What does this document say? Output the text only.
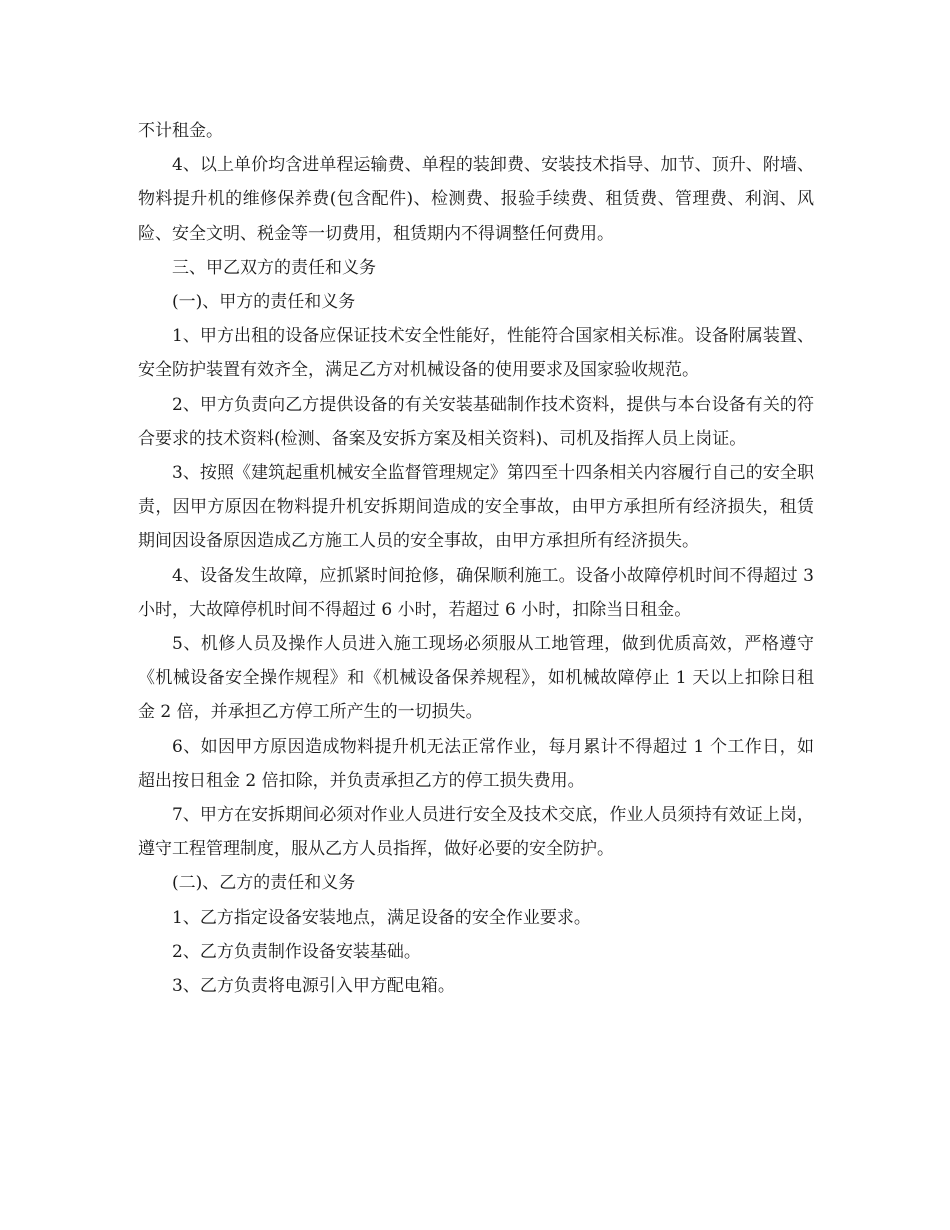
不计租金。

4、以上单价均含进单程运输费、单程的装卸费、安装技术指导、加节、顶升、附墙、物料提升机的维修保养费(包含配件)、检测费、报验手续费、租赁费、管理费、利润、风险、安全文明、税金等一切费用，租赁期内不得调整任何费用。

三、甲乙双方的责任和义务

(一)、甲方的责任和义务

1、甲方出租的设备应保证技术安全性能好，性能符合国家相关标准。设备附属装置、安全防护装置有效齐全，满足乙方对机械设备的使用要求及国家验收规范。

2、甲方负责向乙方提供设备的有关安装基础制作技术资料，提供与本台设备有关的符合要求的技术资料(检测、备案及安拆方案及相关资料)、司机及指挥人员上岗证。

3、按照《建筑起重机械安全监督管理规定》第四至十四条相关内容履行自己的安全职责，因甲方原因在物料提升机安拆期间造成的安全事故，由甲方承担所有经济损失，租赁期间因设备原因造成乙方施工人员的安全事故，由甲方承担所有经济损失。

4、设备发生故障，应抓紧时间抢修，确保顺利施工。设备小故障停机时间不得超过 3 小时，大故障停机时间不得超过 6 小时，若超过 6 小时，扣除当日租金。

5、机修人员及操作人员进入施工现场必须服从工地管理，做到优质高效，严格遵守《机械设备安全操作规程》和《机械设备保养规程》，如机械故障停止 1 天以上扣除日租金 2 倍，并承担乙方停工所产生的一切损失。

6、如因甲方原因造成物料提升机无法正常作业，每月累计不得超过 1 个工作日，如超出按日租金 2 倍扣除，并负责承担乙方的停工损失费用。

7、甲方在安拆期间必须对作业人员进行安全及技术交底，作业人员须持有效证上岗，遵守工程管理制度，服从乙方人员指挥，做好必要的安全防护。

(二)、乙方的责任和义务

1、乙方指定设备安装地点，满足设备的安全作业要求。

2、乙方负责制作设备安装基础。

3、乙方负责将电源引入甲方配电箱。
